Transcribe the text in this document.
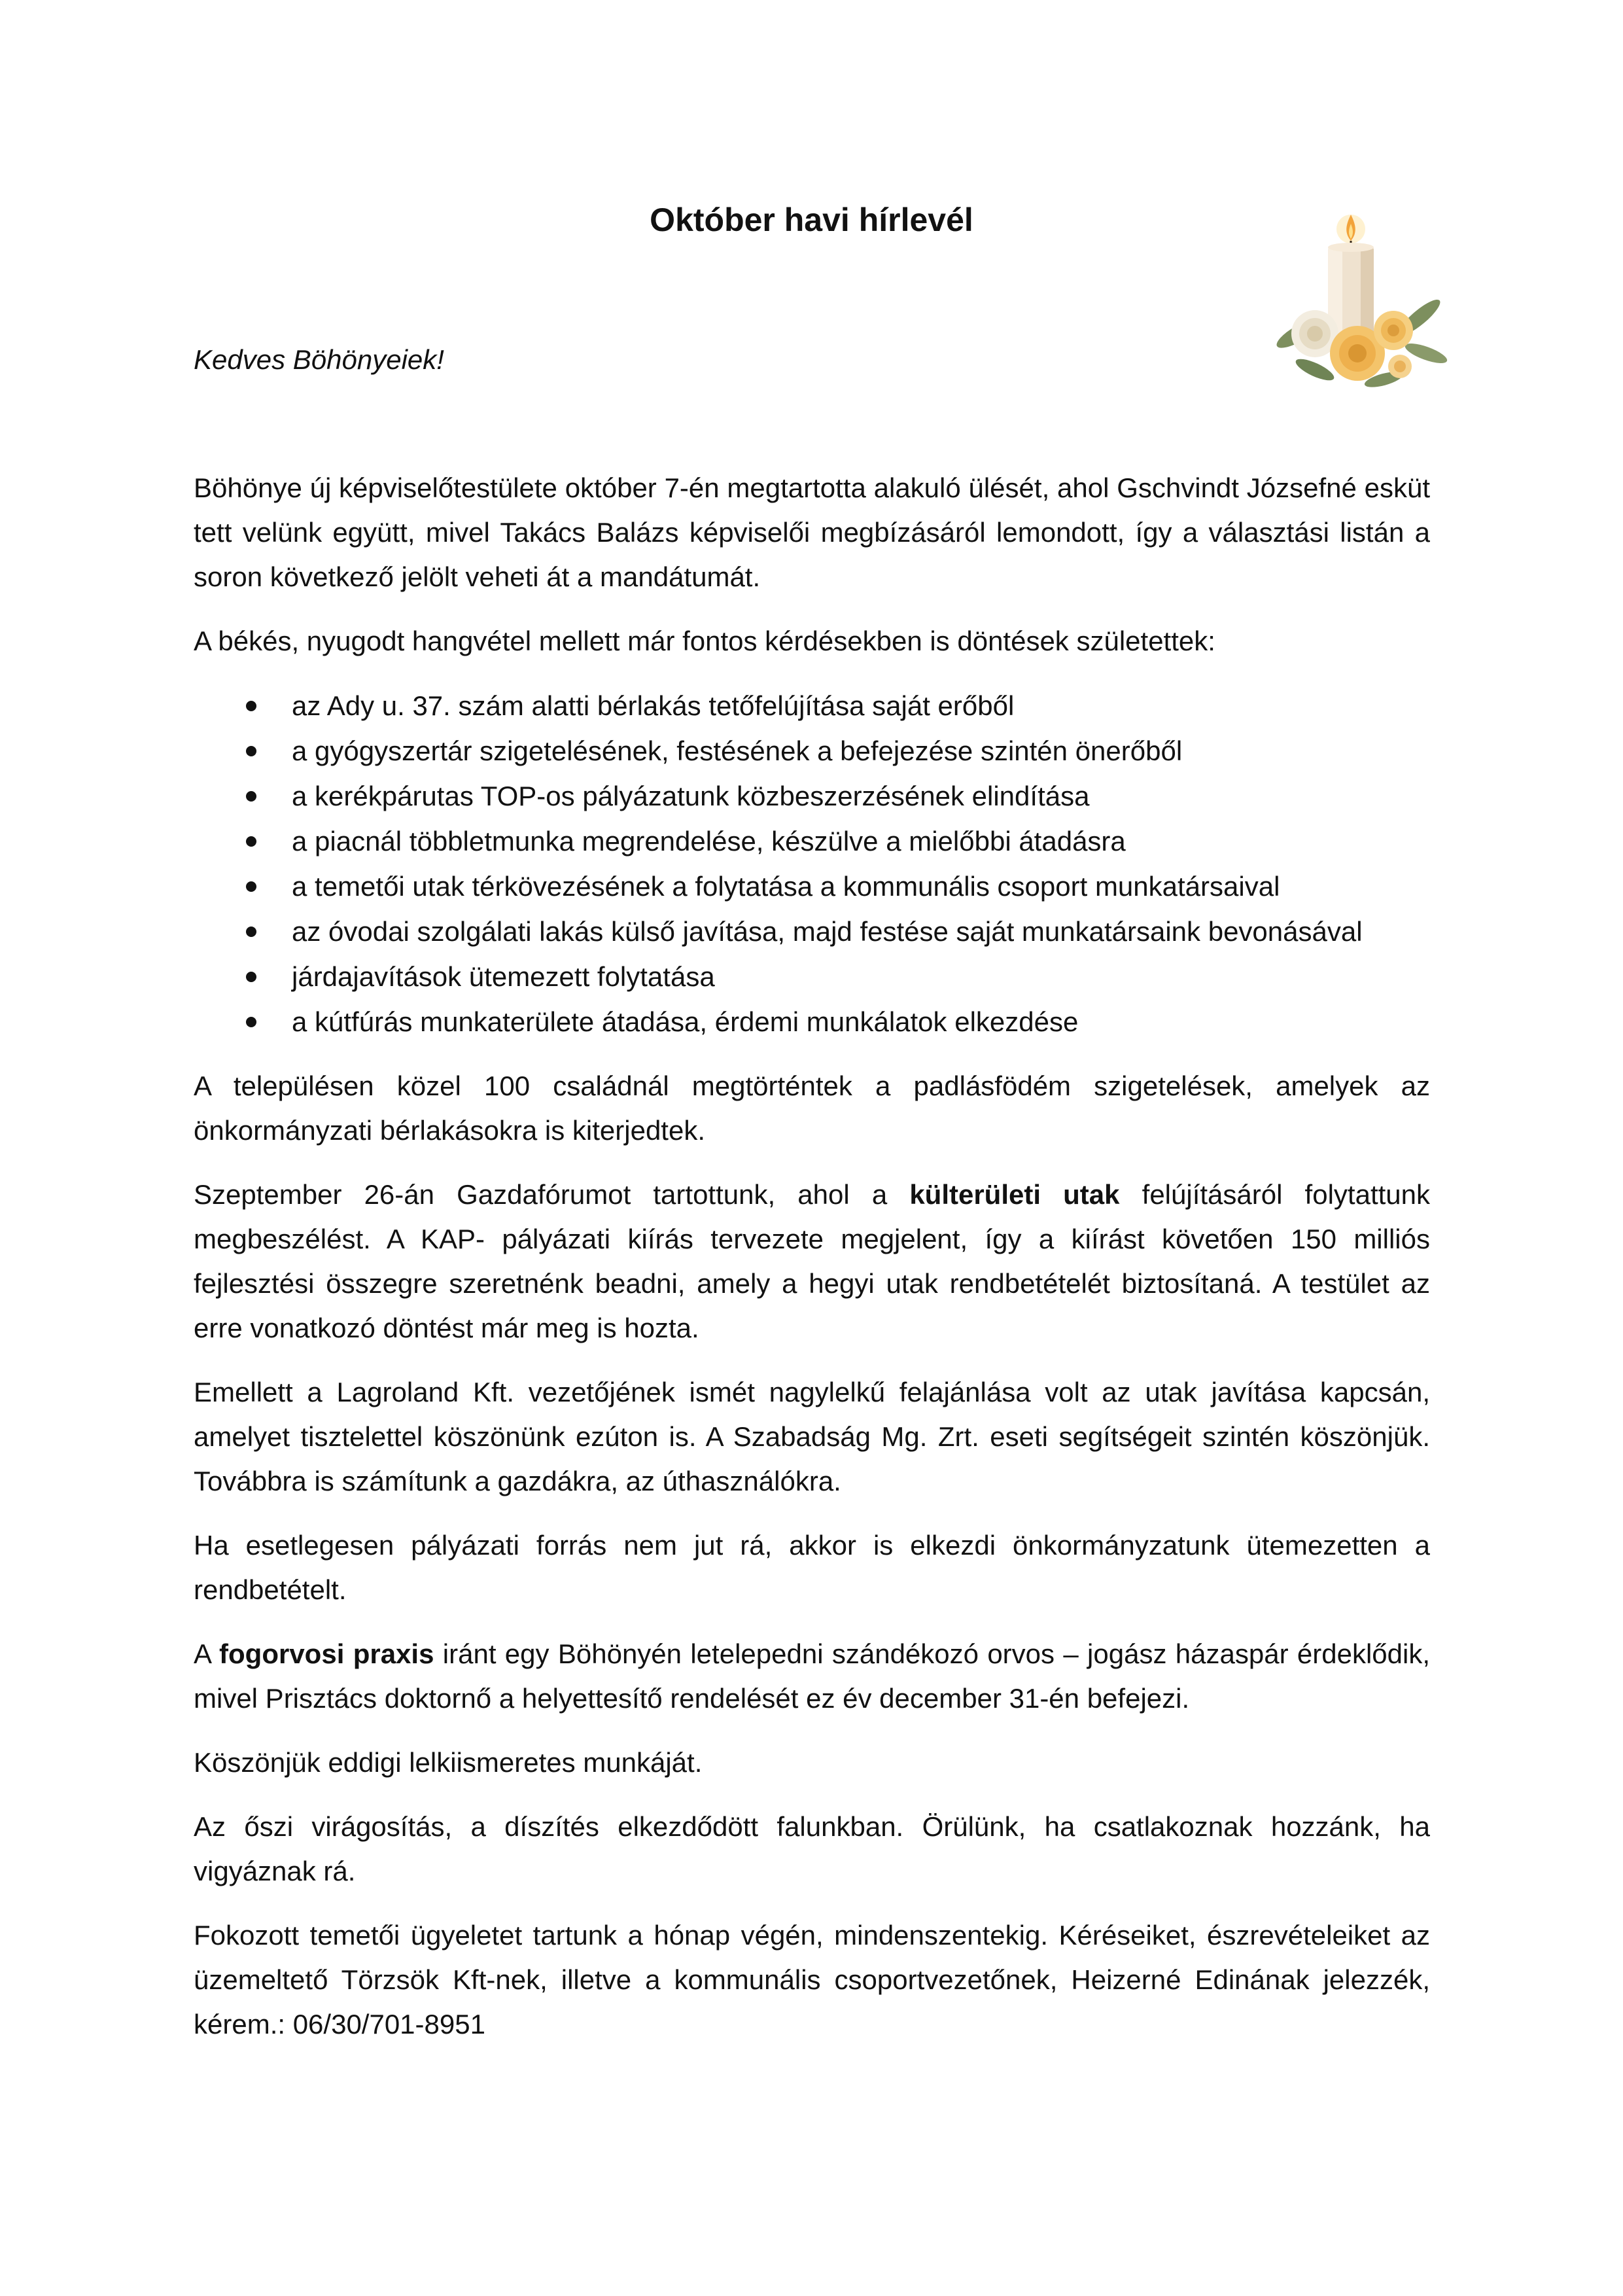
Október havi hírlevél

Kedves Böhönyeiek!

Böhönye új képviselőtestülete október 7-én megtartotta alakuló ülését, ahol Gschvindt Józsefné esküt tett velünk együtt, mivel Takács Balázs képviselői megbízásáról lemondott, így a választási listán a soron következő jelölt veheti át a mandátumát.

A békés, nyugodt hangvétel mellett már fontos kérdésekben is döntések születettek:

az Ady u. 37. szám alatti bérlakás tetőfelújítása saját erőből
a gyógyszertár szigetelésének, festésének a befejezése szintén önerőből
a kerékpárutas TOP-os pályázatunk közbeszerzésének elindítása
a piacnál többletmunka megrendelése, készülve a mielőbbi átadásra
a temetői utak térkövezésének a folytatása a kommunális csoport munkatársaival
az óvodai szolgálati lakás külső javítása, majd festése saját munkatársaink bevonásával
járdajavítások ütemezett folytatása
a kútfúrás munkaterülete átadása, érdemi munkálatok elkezdése

A településen közel 100 családnál megtörténtek a padlásfödém szigetelések, amelyek az önkormányzati bérlakásokra is kiterjedtek.

Szeptember 26-án Gazdafórumot tartottunk, ahol a külterületi utak felújításáról folytattunk megbeszélést. A KAP- pályázati kiírás tervezete megjelent, így a kiírást követően 150 milliós fejlesztési összegre szeretnénk beadni, amely a hegyi utak rendbetételét biztosítaná. A testület az erre vonatkozó döntést már meg is hozta.

Emellett a Lagroland Kft. vezetőjének ismét nagylelkű felajánlása volt az utak javítása kapcsán, amelyet tisztelettel köszönünk ezúton is. A Szabadság Mg. Zrt. eseti segítségeit szintén köszönjük. Továbbra is számítunk a gazdákra, az úthasználókra.

Ha esetlegesen pályázati forrás nem jut rá, akkor is elkezdi önkormányzatunk ütemezetten a rendbetételt.

A fogorvosi praxis iránt egy Böhönyén letelepedni szándékozó orvos – jogász házaspár érdeklődik, mivel Prisztács doktornő a helyettesítő rendelését ez év december 31-én befejezi.

Köszönjük eddigi lelkiismeretes munkáját.

Az őszi virágosítás, a díszítés elkezdődött falunkban. Örülünk, ha csatlakoznak hozzánk, ha vigyáznak rá.

Fokozott temetői ügyeletet tartunk a hónap végén, mindenszentekig. Kéréseiket, észrevételeiket az üzemeltető Törzsök Kft-nek, illetve a kommunális csoportvezetőnek, Heizerné Edinának jelezzék, kérem.: 06/30/701-8951
